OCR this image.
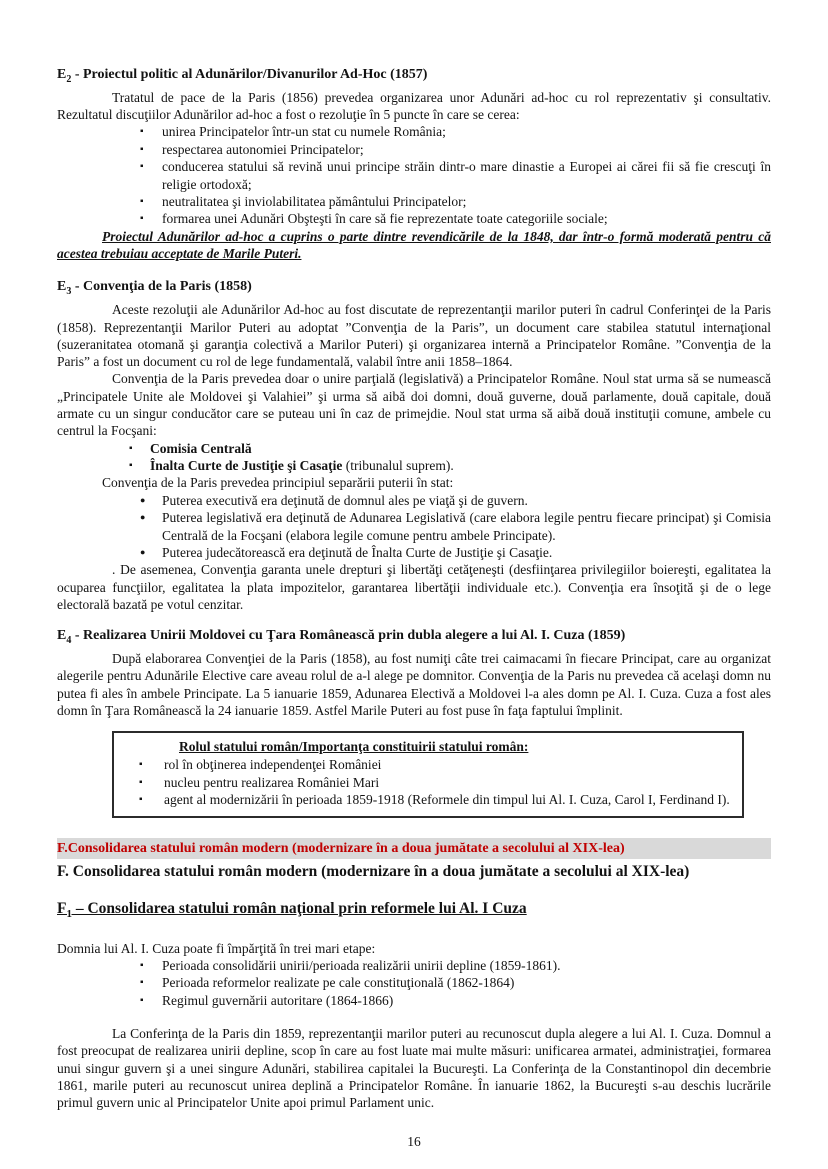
$E_2$ - Proiectul politic al Adunărilor/Divanurilor Ad-Hoc (1857)

Tratatul de pace de la Paris (1856) prevedea organizarea unor Adunări ad-hoc cu rol reprezentativ şi consultativ. Rezultatul discuţiilor Adunărilor ad-hoc a fost o rezoluţie în 5 puncte în care se cerea:

▪ unirea Principatelor într-un stat cu numele România;
▪ respectarea autonomiei Principatelor;
▪ conducerea statului să revină unui principe străin dintr-o mare dinastie a Europei ai cărei fii să fie crescuţi în religie ortodoxă;
▪ neutralitatea şi inviolabilitatea pământului Principatelor;
▪ formarea unei Adunări Obşteşti în care să fie reprezentate toate categoriile sociale;

Proiectul Adunărilor ad-hoc a cuprins o parte dintre revendicările de la 1848, dar într-o formă moderată pentru că acestea trebuiau acceptate de Marile Puteri.

$E_3$ - Convenţia de la Paris (1858)

Aceste rezoluţii ale Adunărilor Ad-hoc au fost discutate de reprezentanţii marilor puteri în cadrul Conferinţei de la Paris (1858). Reprezentanţii Marilor Puteri au adoptat ”Convenţia de la Paris”, un document care stabilea statutul internaţional (suzeranitatea otomană şi garanţia colectivă a Marilor Puteri) şi organizarea internă a Principatelor Române. ”Convenţia de la Paris” a fost un document cu rol de lege fundamentală, valabil între anii 1858–1864.

Convenţia de la Paris prevedea doar o unire parţială (legislativă) a Principatelor Române. Noul stat urma să se numească „Principatele Unite ale Moldovei şi Valahiei” şi urma să aibă doi domni, două guverne, două parlamente, două capitale, două armate cu un singur conducător care se puteau uni în caz de primejdie. Noul stat urma să aibă două instituţii comune, ambele cu centrul la Focşani:

▪ Comisia Centrală
▪ Înalta Curte de Justiţie şi Casaţie (tribunalul suprem).

Convenţia de la Paris prevedea principiul separării puterii în stat:

● Puterea executivă era deţinută de domnul ales pe viaţă şi de guvern.
● Puterea legislativă era deţinută de Adunarea Legislativă (care elabora legile pentru fiecare principat) şi Comisia Centrală de la Focşani (elabora legile comune pentru ambele Principate).
● Puterea judecătorească era deţinută de Înalta Curte de Justiţie şi Casaţie.

. De asemenea, Convenţia garanta unele drepturi şi libertăţi cetăţeneşti (desfiinţarea privilegiilor boiereşti, egalitatea la ocuparea funcţiilor, egalitatea la plata impozitelor, garantarea libertăţii individuale etc.). Convenţia era însoţită şi de o lege electorală bazată pe votul cenzitar.

$E_4$ - Realizarea Unirii Moldovei cu Ţara Românească prin dubla alegere a lui Al. I. Cuza (1859)

După elaborarea Convenţiei de la Paris (1858), au fost numiţi câte trei caimacami în fiecare Principat, care au organizat alegerile pentru Adunările Elective care aveau rolul de a-l alege pe domnitor. Convenţia de la Paris nu prevedea că acelaşi domn nu putea fi ales în ambele Principate. La 5 ianuarie 1859, Adunarea Electivă a Moldovei l-a ales domn pe Al. I. Cuza. Cuza a fost ales domn în Ţara Românească la 24 ianuarie 1859. Astfel Marile Puteri au fost puse în faţa faptului împlinit.

Rolul statului român/Importanţa constituirii statului român:
▪ rol în obţinerea independenţei României
▪ nucleu pentru realizarea României Mari
▪ agent al modernizării în perioada 1859-1918 (Reformele din timpul lui Al. I. Cuza, Carol I, Ferdinand I).
F.Consolidarea statului român modern (modernizare în a doua jumătate a secolului al XIX-lea)
F. Consolidarea statului român modern (modernizare în a doua jumătate a secolului al XIX-lea)

$F_1$ – Consolidarea statului român naţional prin reformele lui Al. I Cuza

Domnia lui Al. I. Cuza poate fi împărţită în trei mari etape:

▪ Perioada consolidării unirii/perioada realizării unirii depline (1859-1861).
▪ Perioada reformelor realizate pe cale constituţională (1862-1864)
▪ Regimul guvernării autoritare (1864-1866)

La Conferinţa de la Paris din 1859, reprezentanţii marilor puteri au recunoscut dupla alegere a lui Al. I. Cuza. Domnul a fost preocupat de realizarea unirii depline, scop în care au fost luate mai multe măsuri: unificarea armatei, administraţiei, formarea unui singur guvern şi a unei singure Adunări, stabilirea capitalei la Bucureşti. La Conferinţa de la Constantinopol din decembrie 1861, marile puteri au recunoscut unirea deplină a Principatelor Române. În ianuarie 1862, la Bucureşti s-au deschis lucrările primul guvern unic al Principatelor Unite apoi primul Parlament unic.

16
